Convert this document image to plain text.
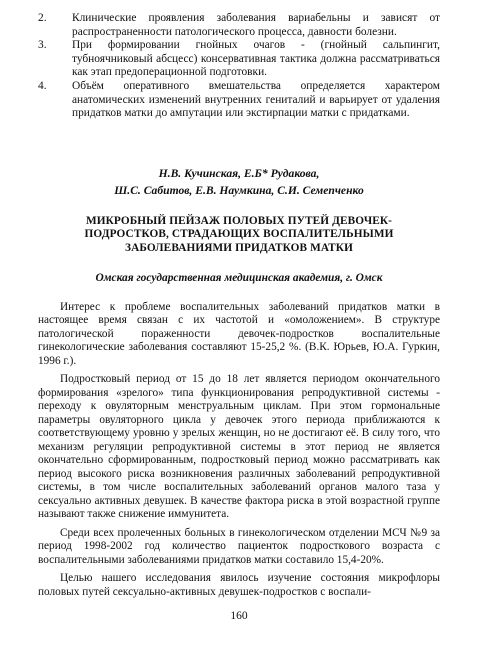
2.	Клинические проявления заболевания вариабельны и зависят от распространенности патологического процесса, давности болезни.
3.	При формировании гнойных очагов - (гнойный сальпингит, тубноячниковый абсцесс) консервативная тактика должна рассматриваться как этап предоперационной подготовки.
4.	Объём оперативного вмешательства определяется характером анатомических изменений внутренних гениталий и варьирует от удаления придатков матки до ампутации или экстирпации матки с придатками.
Н.В. Кучинская, Е.Б* Рудакова,
Ш.С. Сабитов, Е.В. Наумкина, С.И. Семепченко
МИКРОБНЫЙ ПЕЙЗАЖ ПОЛОВЫХ ПУТЕЙ ДЕВОЧЕК-
ПОДРОСТКОВ, СТРАДАЮЩИХ ВОСПАЛИТЕЛЬНЫМИ
ЗАБОЛЕВАНИЯМИ ПРИДАТКОВ МАТКИ
Омская государственная медицинская академия, г. Омск

Интерес к проблеме воспалительных заболеваний придатков матки в настоящее время связан с их частотой и «омоложением». В структуре патологической пораженности девочек-подростков воспалительные гинекологические заболевания составляют 15-25,2 %. (В.К. Юрьев, Ю.А. Гуркин, 1996 г.).

Подростковый период от 15 до 18 лет является периодом окончательного формирования «зрелого» типа функционирования репродуктивной системы - переходу к овуляторным менструальным циклам. При этом гормональные параметры овуляторного цикла у девочек этого периода приближаются к соответствующему уровню у зрелых женщин, но не достигают её. В силу того, что механизм регуляции репродуктивной системы в этот период не является окончательно сформированным, подростковый период можно рассматривать как период высокого риска возникновения различных заболеваний репродуктивной системы, в том числе воспалительных заболеваний органов малого таза у сексуально активных девушек. В качестве фактора риска в этой возрастной группе называют также снижение иммунитета.

Среди всех пролеченных больных в гинекологическом отделении МСЧ №9 за период 1998-2002 год количество пациенток подросткового возраста с воспалительными заболеваниями придатков матки составило 15,4-20%.

Целью нашего исследования явилось изучение состояния микрофлоры половых путей сексуально-активных девушек-подростков с воспали-

160
